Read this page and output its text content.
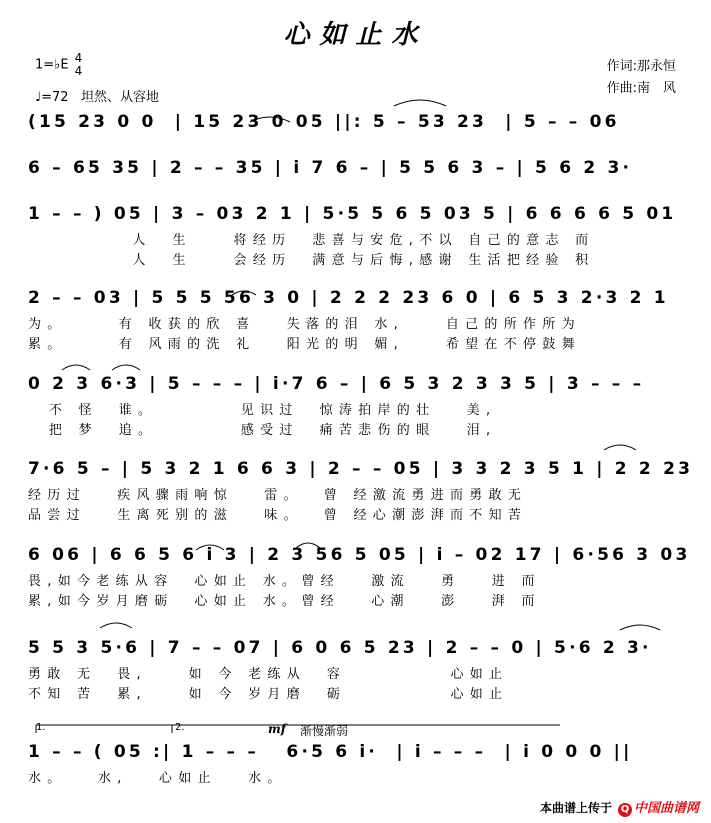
心如止水
1=♭E 4
4
♩=72 坦然、从容地
作词:那永恒
作曲:南　风
(15 23 0 0  | 15 23 0 05 ||: 5 – 53 23  | 5 – – 06
6 – 65 35 | 2 – – 35 | i 7 6 – | 5 5 6 3 – | 5 6 2 3·
1 – – ) 05 | 3 – 03 2 1 | 5·5 5 6 5 03 5 | 6 6 6 6 5 01
人  生    将经历  悲喜与安危,不以 自己的意志 而
人  生    会经历  满意与后悔,感谢 生活把经验 积
2 – – 03 | 5 5 5 56 3 0 | 2 2 2 23 6 0 | 6 5 3 2·3 2 1
为。     有 收获的欣 喜   失落的泪 水,    自己的所作所为
累。     有 风雨的洗 礼   阳光的明 媚,    希望在不停鼓舞
0 2 3 6·3 | 5 – – – | i·7 6 – | 6 5 3 2 3 3 5 | 3 – – –
不 怪  谁。        见识过  惊涛拍岸的壮   美,
把 梦  追。        感受过  痛苦悲伤的眼   泪,
7·6 5 – | 5 3 2 1 6 6 3 | 2 – – 05 | 3 3 2 3 5 1 | 2 2 23
经历过   疾风骤雨响惊   雷。  曾 经激流勇进而勇敢无
品尝过   生离死别的滋   味。  曾 经心潮澎湃而不知苦
6 06 | 6 6 5 6 i 3 | 2 3 56 5 05 | i – 02 17 | 6·56 3 03
畏,如今老练从容  心如止 水。曾经   激流   勇   进 而
累,如今岁月磨砺  心如止 水。曾经   心潮   澎   湃 而
5 5 3 5·6 | 7 – – 07 | 6 0 6 5 23 | 2 – – 0 | 5·6 2 3·
勇敢 无  畏,    如 今 老练从  容          心如止
不知 苦  累,    如 今 岁月磨  砺          心如止
1.	2.	mf 渐慢渐弱
1 – – ( 05 :| 1 – – –   6·5 6 i·  | i – – –  | i 0 0 0 ||
水。   水,   心如止   水。
本曲谱上传于 Q 中国曲谱网
